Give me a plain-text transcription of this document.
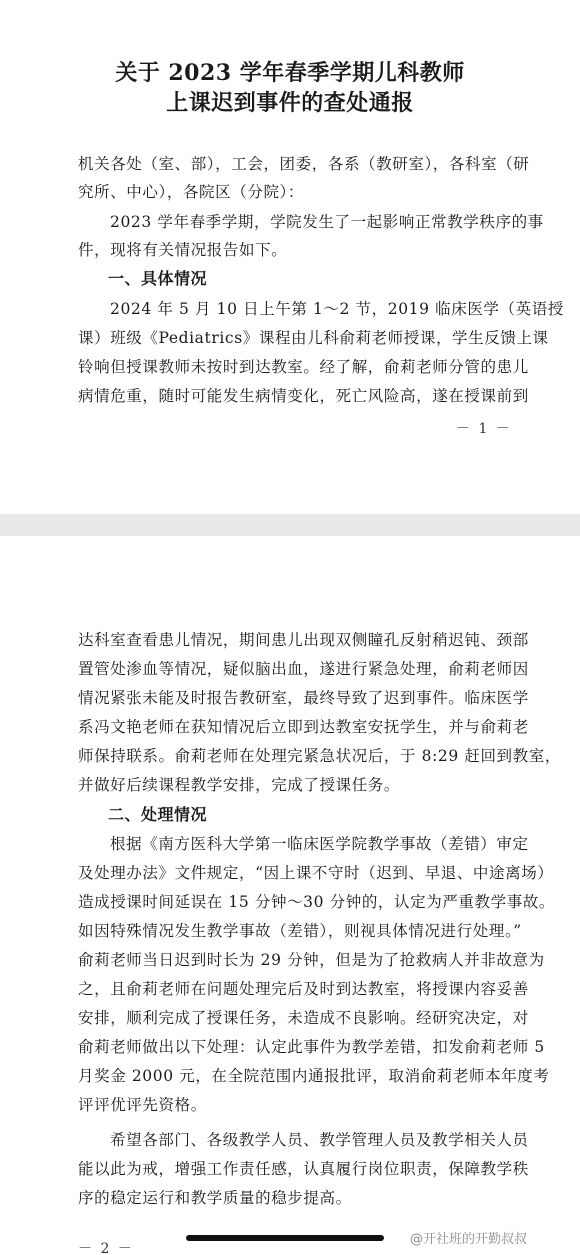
关于 2023 学年春季学期儿科教师
上课迟到事件的查处通报
机关各处（室、部），工会，团委，各系（教研室），各科室（研
究所、中心），各院区（分院）：
2023 学年春季学期，学院发生了一起影响正常教学秩序的事
件，现将有关情况报告如下。
一、具体情况
2024 年 5 月 10 日上午第 1～2 节，2019 临床医学（英语授
课）班级《Pediatrics》课程由儿科俞莉老师授课，学生反馈上课
铃响但授课教师未按时到达教室。经了解，俞莉老师分管的患儿
病情危重，随时可能发生病情变化，死亡风险高，遂在授课前到
－ 1 －
达科室查看患儿情况，期间患儿出现双侧瞳孔反射稍迟钝、颈部
置管处渗血等情况，疑似脑出血，遂进行紧急处理，俞莉老师因
情况紧张未能及时报告教研室，最终导致了迟到事件。临床医学
系冯文艳老师在获知情况后立即到达教室安抚学生，并与俞莉老
师保持联系。俞莉老师在处理完紧急状况后，于 8:29 赶回到教室，
并做好后续课程教学安排，完成了授课任务。
二、处理情况
根据《南方医科大学第一临床医学院教学事故（差错）审定
及处理办法》文件规定，“因上课不守时（迟到、早退、中途离场）
造成授课时间延误在 15 分钟～30 分钟的，认定为严重教学事故。
如因特殊情况发生教学事故（差错），则视具体情况进行处理。”
俞莉老师当日迟到时长为 29 分钟，但是为了抢救病人并非故意为
之，且俞莉老师在问题处理完后及时到达教室，将授课内容妥善
安排，顺利完成了授课任务，未造成不良影响。经研究决定，对
俞莉老师做出以下处理：认定此事件为教学差错，扣发俞莉老师 5
月奖金 2000 元，在全院范围内通报批评，取消俞莉老师本年度考
评评优评先资格。
希望各部门、各级教学人员、教学管理人员及教学相关人员
能以此为戒，增强工作责任感，认真履行岗位职责，保障教学秩
序的稳定运行和教学质量的稳步提高。
－ 2 －
@开社班的开勤叔叔
